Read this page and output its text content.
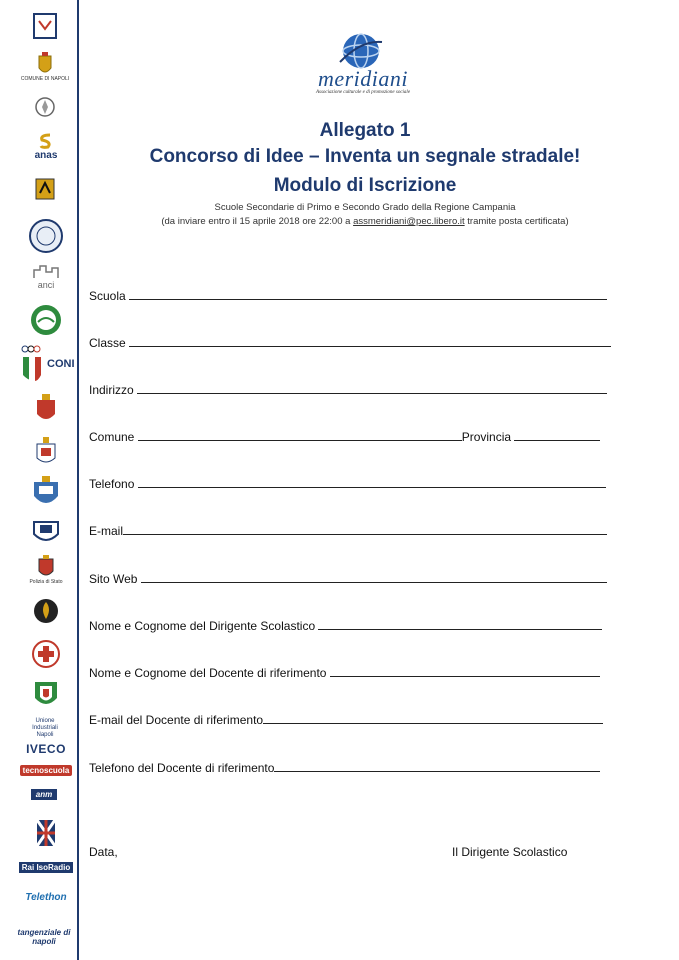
COMUNE DI NAPOLI
anas
anci
CONI
Polizia di Stato
Unione Industriali Napoli
IVECO
tecnoscuola
anm
Rai IsoRadio
Telethon
tangenziale di napoli
meridiani
Associazione culturale e di promozione sociale
Allegato 1
Concorso di Idee – Inventa un segnale stradale!
Modulo di Iscrizione
Scuole Secondarie di Primo e Secondo Grado della Regione Campania
(da inviare entro il 15 aprile 2018 ore 22:00 a assmeridiani@pec.libero.it tramite posta certificata)
Scuola
Classe
Indirizzo
Comune	Provincia
Telefono
E-mail
Sito Web
Nome e Cognome del Dirigente Scolastico
Nome e Cognome del Docente di riferimento
E-mail del Docente di riferimento
Telefono del Docente di riferimento
Data,	Il Dirigente Scolastico
